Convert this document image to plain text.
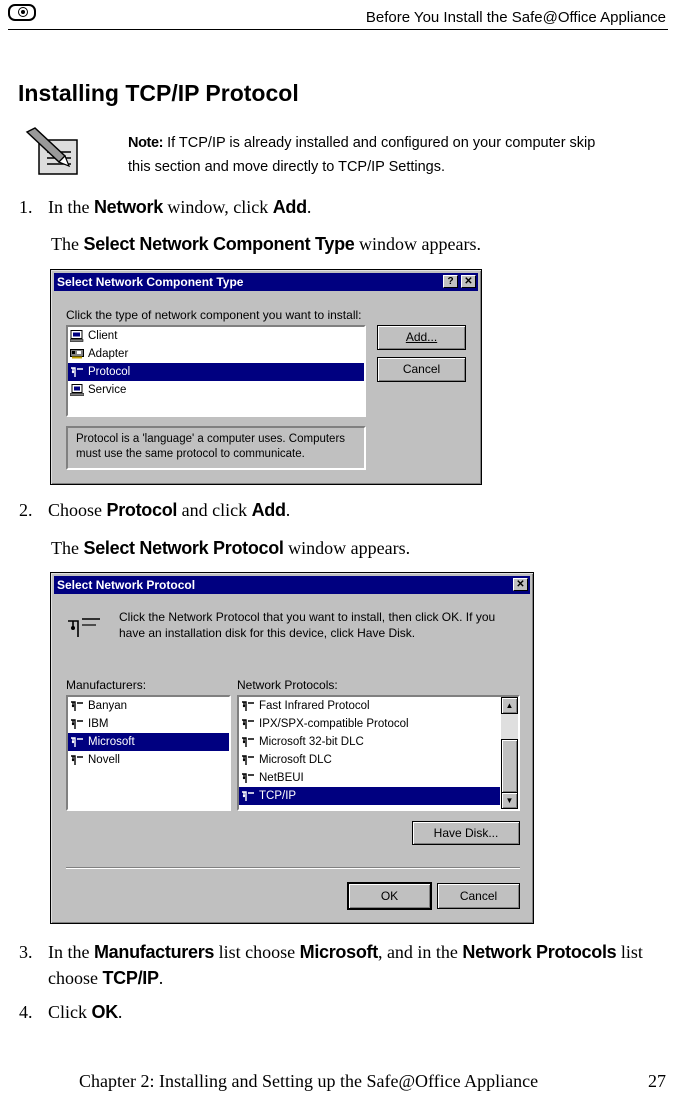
Before You Install the Safe@Office Appliance
Installing TCP/IP Protocol
Note: If TCP/IP is already installed and configured on your computer skip
this section and move directly to TCP/IP Settings.
1. In the Network window, click Add.
The Select Network Component Type window appears.
Select Network Component Type	?	✕
Click the type of network component you want to install:
Client
Adapter
Protocol
Service
Add...
Cancel
Protocol is a 'language' a computer uses. Computers must use the same protocol to communicate.
2. Choose Protocol and click Add.
The Select Network Protocol window appears.
Select Network Protocol	✕
Click the Network Protocol that you want to install, then click OK. If you have an installation disk for this device, click Have Disk.
Manufacturers:	Network Protocols:
Banyan
IBM
Microsoft
Novell
Fast Infrared Protocol
IPX/SPX-compatible Protocol
Microsoft 32-bit DLC
Microsoft DLC
NetBEUI
TCP/IP
▲
▼
Have Disk...
OK	Cancel
3. In the Manufacturers list choose Microsoft, and in the Network Protocols list
choose TCP/IP.
4. Click OK.
Chapter 2: Installing and Setting up the Safe@Office Appliance	27
